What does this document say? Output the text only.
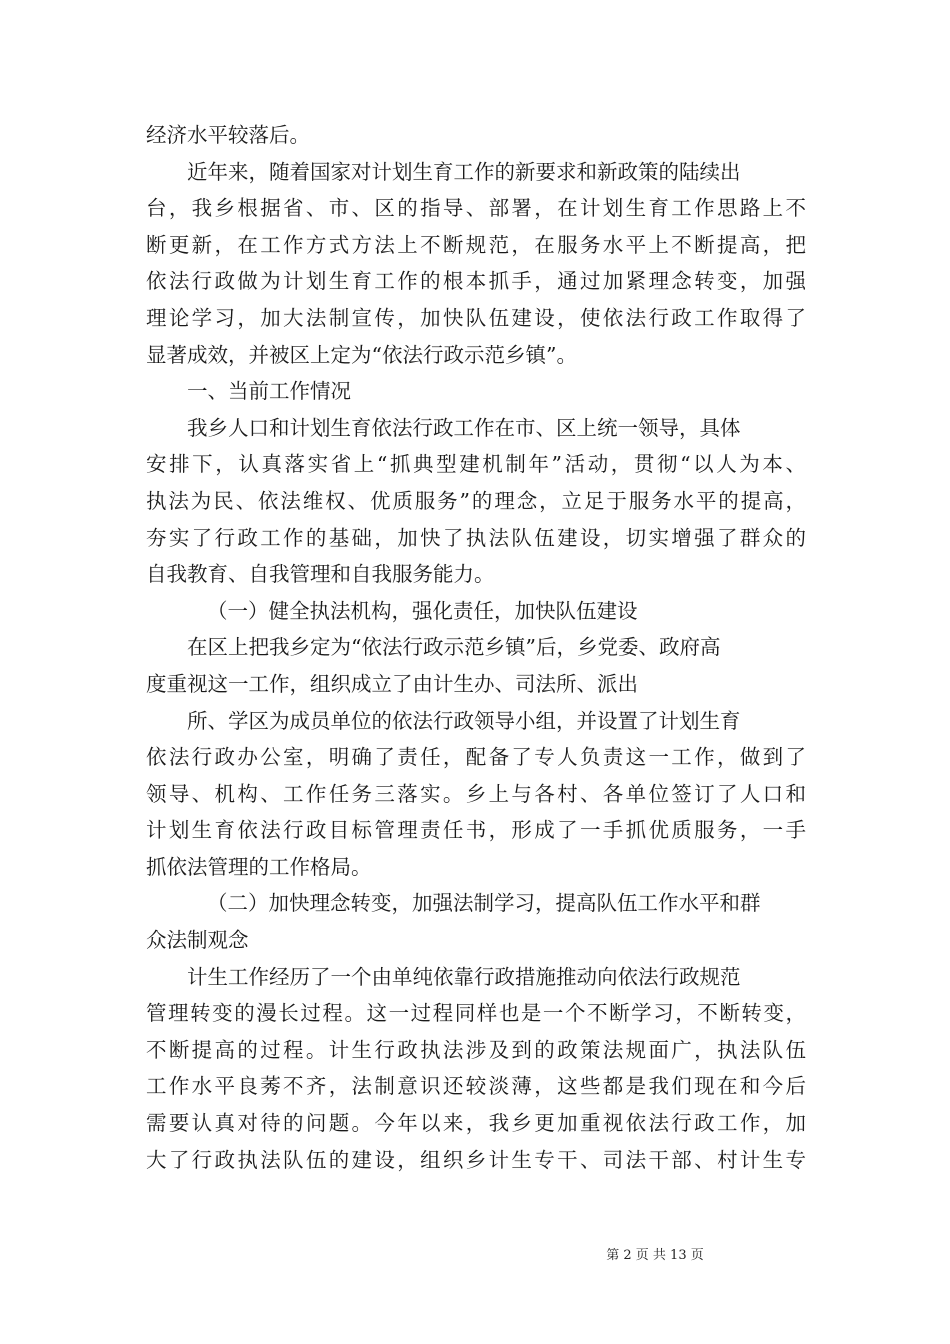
经济水平较落后。
近年来，随着国家对计划生育工作的新要求和新政策的陆续出
台，我乡根据省、市、区的指导、部署，在计划生育工作思路上不
断更新，在工作方式方法上不断规范，在服务水平上不断提高，把
依法行政做为计划生育工作的根本抓手，通过加紧理念转变，加强
理论学习，加大法制宣传，加快队伍建设，使依法行政工作取得了
显著成效，并被区上定为“依法行政示范乡镇”。
一、当前工作情况
我乡人口和计划生育依法行政工作在市、区上统一领导，具体
安排下，认真落实省上“抓典型建机制年”活动，贯彻“以人为本、
执法为民、依法维权、优质服务”的理念，立足于服务水平的提高，
夯实了行政工作的基础，加快了执法队伍建设，切实增强了群众的
自我教育、自我管理和自我服务能力。
（一）健全执法机构，强化责任，加快队伍建设
在区上把我乡定为“依法行政示范乡镇”后，乡党委、政府高
度重视这一工作，组织成立了由计生办、司法所、派出
所、学区为成员单位的依法行政领导小组，并设置了计划生育
依法行政办公室，明确了责任，配备了专人负责这一工作，做到了
领导、机构、工作任务三落实。乡上与各村、各单位签订了人口和
计划生育依法行政目标管理责任书，形成了一手抓优质服务，一手
抓依法管理的工作格局。
（二）加快理念转变，加强法制学习，提高队伍工作水平和群
众法制观念
计生工作经历了一个由单纯依靠行政措施推动向依法行政规范
管理转变的漫长过程。这一过程同样也是一个不断学习，不断转变，
不断提高的过程。计生行政执法涉及到的政策法规面广，执法队伍
工作水平良莠不齐，法制意识还较淡薄，这些都是我们现在和今后
需要认真对待的问题。今年以来，我乡更加重视依法行政工作，加
大了行政执法队伍的建设，组织乡计生专干、司法干部、村计生专
第 2 页 共 13 页
